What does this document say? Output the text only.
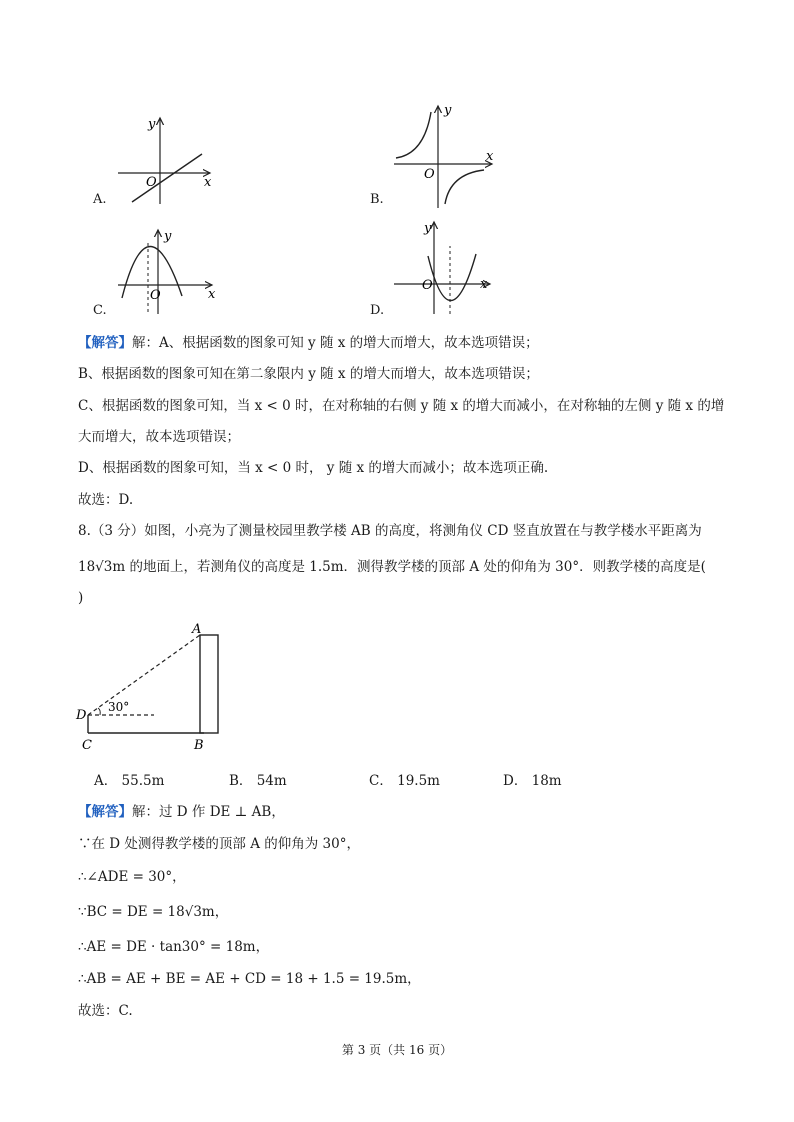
y
x
O
A.
y
x
O
B.
y
x
O
C.
y
x
O
D.
【解答】解：A、根据函数的图象可知 y 随 x 的增大而增大，故本选项错误；
B、根据函数的图象可知在第二象限内 y 随 x 的增大而增大，故本选项错误；
C、根据函数的图象可知，当 x < 0 时，在对称轴的右侧 y 随 x 的增大而减小，在对称轴的左侧 y 随 x 的增
大而增大，故本选项错误；
D、根据函数的图象可知，当 x < 0 时， y 随 x 的增大而减小；故本选项正确.
故选：D.
8.（3 分）如图，小亮为了测量校园里教学楼 AB 的高度，将测角仪 CD 竖直放置在与教学楼水平距离为
18√3m 的地面上，若测角仪的高度是 1.5m．测得教学楼的顶部 A 处的仰角为 30°．则教学楼的高度是(
)
30°
A
B
C
D
A． 55.5m	B． 54m	C． 19.5m	D． 18m
【解答】解：过 D 作 DE ⊥ AB，
∵在 D 处测得教学楼的顶部 A 的仰角为 30°，
∴∠ADE = 30°，
∵BC = DE = 18√3m，
∴AE = DE · tan30° = 18m，
∴AB = AE + BE = AE + CD = 18 + 1.5 = 19.5m，
故选：C.
第 3 页（共 16 页）
